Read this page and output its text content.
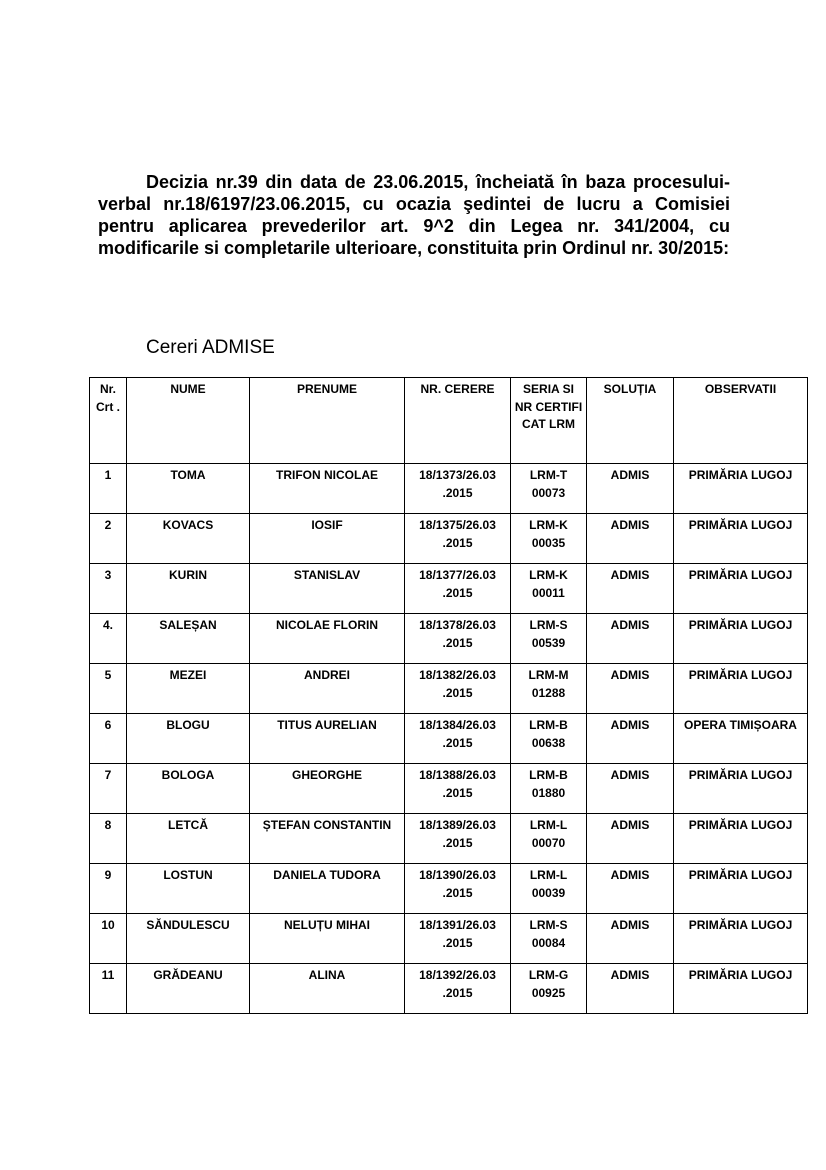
Decizia nr.39 din data de 23.06.2015, încheiată în baza procesului-verbal nr.18/6197/23.06.2015, cu ocazia şedintei de lucru a Comisiei pentru aplicarea prevederilor art. 9^2 din Legea nr. 341/2004, cu modificarile si completarile ulterioare, constituita prin Ordinul nr. 30/2015:

Cereri ADMISE

Nr. Crt .	NUME	PRENUME	NR. CERERE	SERIA SI NR CERTIFI CAT LRM	SOLUȚIA	OBSERVATII
1	TOMA	TRIFON NICOLAE	18/1373/26.03 .2015	LRM-T 00073	ADMIS	PRIMĂRIA LUGOJ
2	KOVACS	IOSIF	18/1375/26.03 .2015	LRM-K 00035	ADMIS	PRIMĂRIA LUGOJ
3	KURIN	STANISLAV	18/1377/26.03 .2015	LRM-K 00011	ADMIS	PRIMĂRIA LUGOJ
4.	SALEȘAN	NICOLAE FLORIN	18/1378/26.03 .2015	LRM-S 00539	ADMIS	PRIMĂRIA LUGOJ
5	MEZEI	ANDREI	18/1382/26.03 .2015	LRM-M 01288	ADMIS	PRIMĂRIA LUGOJ
6	BLOGU	TITUS AURELIAN	18/1384/26.03 .2015	LRM-B 00638	ADMIS	OPERA TIMIȘOARA
7	BOLOGA	GHEORGHE	18/1388/26.03 .2015	LRM-B 01880	ADMIS	PRIMĂRIA LUGOJ
8	LETCĂ	ȘTEFAN CONSTANTIN	18/1389/26.03 .2015	LRM-L 00070	ADMIS	PRIMĂRIA LUGOJ
9	LOSTUN	DANIELA TUDORA	18/1390/26.03 .2015	LRM-L 00039	ADMIS	PRIMĂRIA LUGOJ
10	SĂNDULESCU	NELUȚU MIHAI	18/1391/26.03 .2015	LRM-S 00084	ADMIS	PRIMĂRIA LUGOJ
11	GRĂDEANU	ALINA	18/1392/26.03 .2015	LRM-G 00925	ADMIS	PRIMĂRIA LUGOJ
